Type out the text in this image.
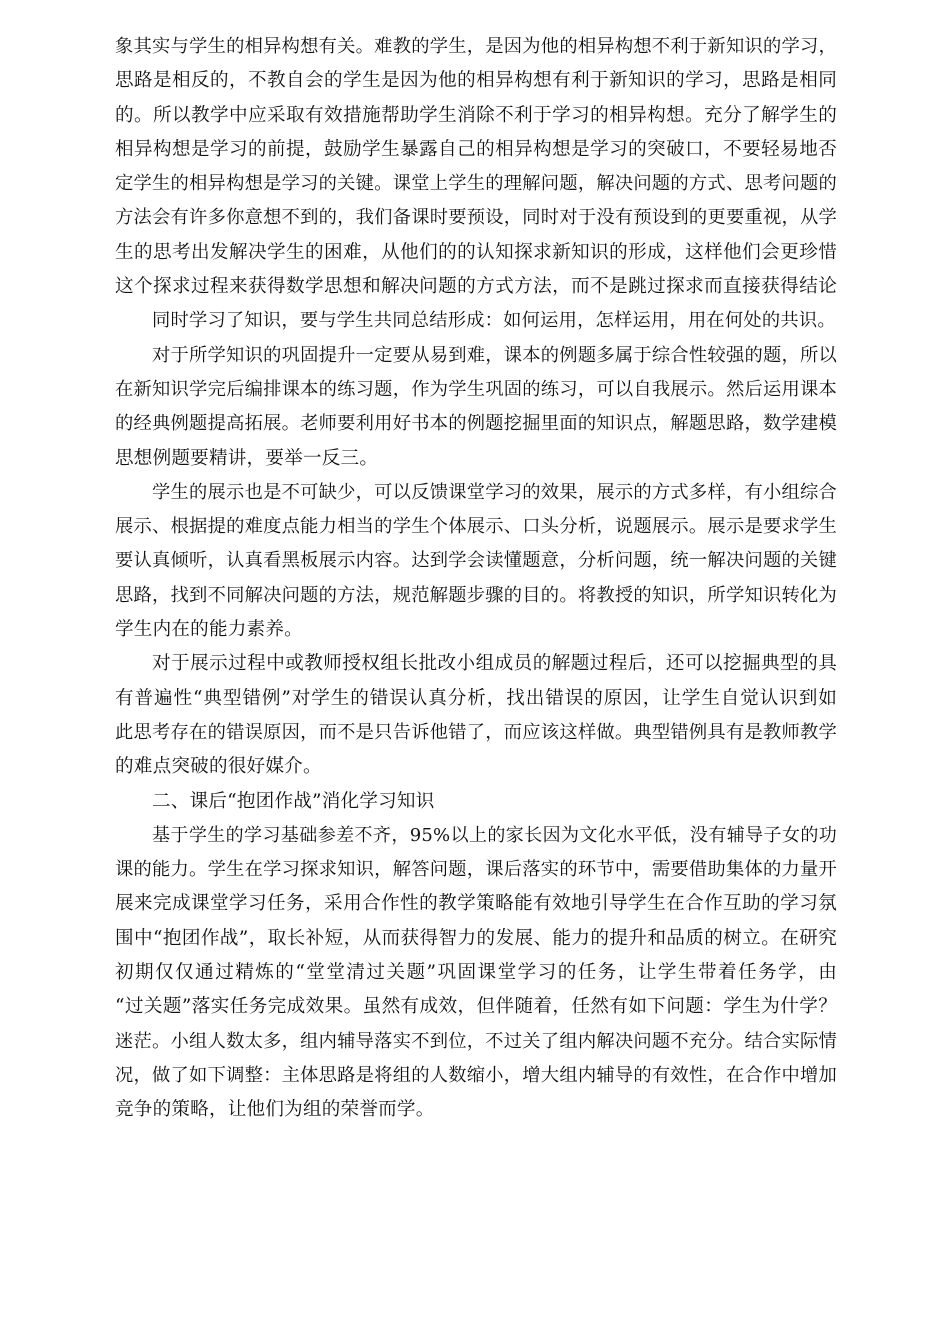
象其实与学生的相异构想有关。难教的学生，是因为他的相异构想不利于新知识的学习，
思路是相反的，不教自会的学生是因为他的相异构想有利于新知识的学习，思路是相同
的。所以教学中应采取有效措施帮助学生消除不利于学习的相异构想。充分了解学生的
相异构想是学习的前提，鼓励学生暴露自己的相异构想是学习的突破口，不要轻易地否
定学生的相异构想是学习的关键。课堂上学生的理解问题，解决问题的方式、思考问题的
方法会有许多你意想不到的，我们备课时要预设，同时对于没有预设到的更要重视，从学
生的思考出发解决学生的困难，从他们的的认知探求新知识的形成，这样他们会更珍惜
这个探求过程来获得数学思想和解决问题的方式方法，而不是跳过探求而直接获得结论
同时学习了知识，要与学生共同总结形成：如何运用，怎样运用，用在何处的共识。
对于所学知识的巩固提升一定要从易到难，课本的例题多属于综合性较强的题，所以
在新知识学完后编排课本的练习题，作为学生巩固的练习，可以自我展示。然后运用课本
的经典例题提高拓展。老师要利用好书本的例题挖掘里面的知识点，解题思路，数学建模
思想例题要精讲，要举一反三。
学生的展示也是不可缺少，可以反馈课堂学习的效果，展示的方式多样，有小组综合
展示、根据提的难度点能力相当的学生个体展示、口头分析，说题展示。展示是要求学生
要认真倾听，认真看黑板展示内容。达到学会读懂题意，分析问题，统一解决问题的关键
思路，找到不同解决问题的方法，规范解题步骤的目的。将教授的知识，所学知识转化为
学生内在的能力素养。
对于展示过程中或教师授权组长批改小组成员的解题过程后，还可以挖掘典型的具
有普遍性“典型错例”对学生的错误认真分析，找出错误的原因，让学生自觉认识到如
此思考存在的错误原因，而不是只告诉他错了，而应该这样做。典型错例具有是教师教学
的难点突破的很好媒介。
二、课后“抱团作战”消化学习知识
基于学生的学习基础参差不齐，95%以上的家长因为文化水平低，没有辅导子女的功
课的能力。学生在学习探求知识，解答问题，课后落实的环节中，需要借助集体的力量开
展来完成课堂学习任务，采用合作性的教学策略能有效地引导学生在合作互助的学习氛
围中“抱团作战”，取长补短，从而获得智力的发展、能力的提升和品质的树立。在研究
初期仅仅通过精炼的“堂堂清过关题”巩固课堂学习的任务，让学生带着任务学，由
“过关题”落实任务完成效果。虽然有成效，但伴随着，任然有如下问题：学生为什学？
迷茫。小组人数太多，组内辅导落实不到位，不过关了组内解决问题不充分。结合实际情
况，做了如下调整：主体思路是将组的人数缩小，增大组内辅导的有效性，在合作中增加
竞争的策略，让他们为组的荣誉而学。
